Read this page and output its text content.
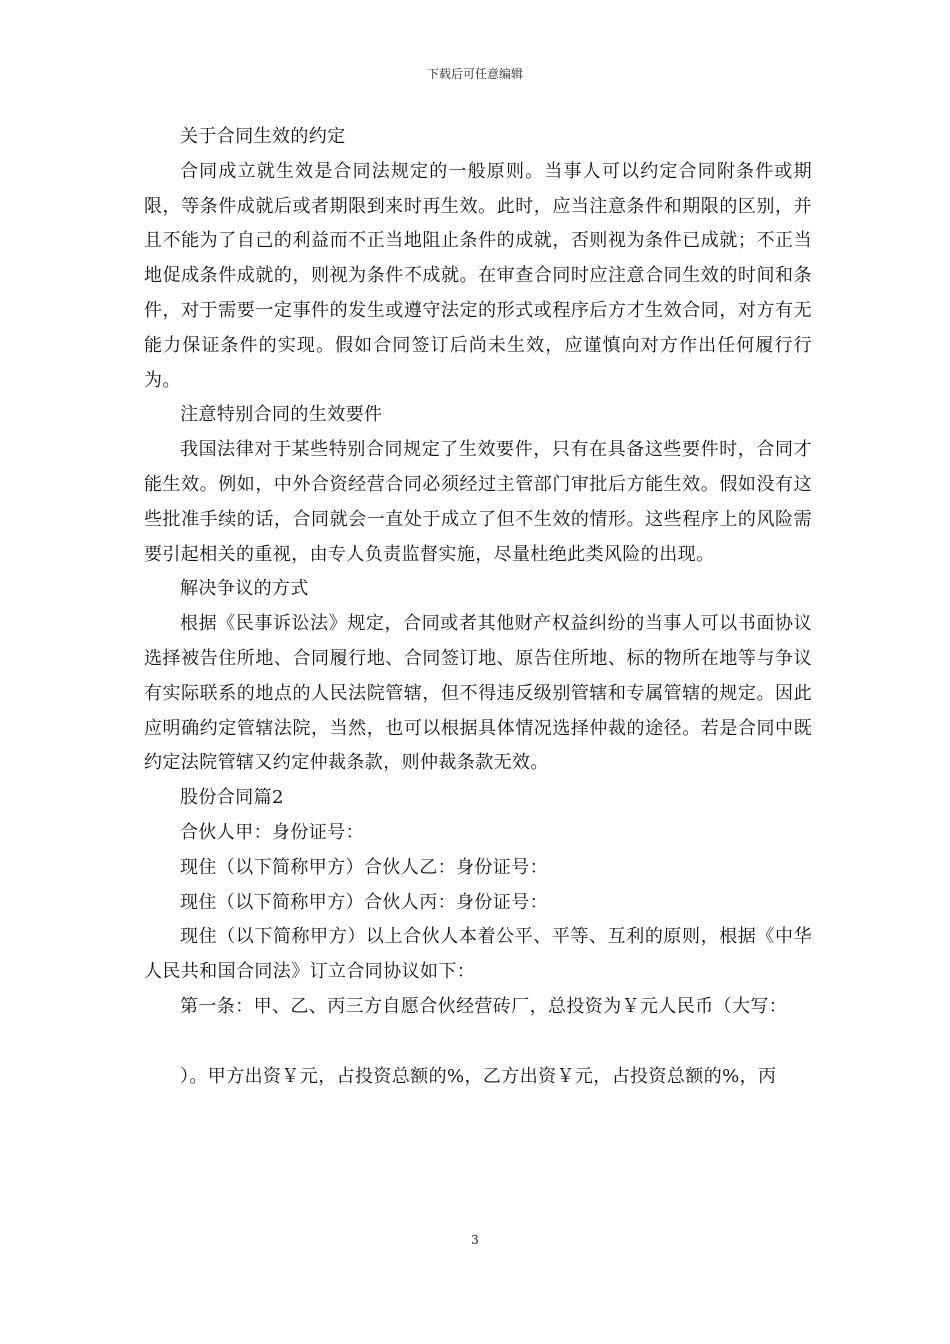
下载后可任意编辑

关于合同生效的约定

合同成立就生效是合同法规定的一般原则。当事人可以约定合同附条件或期限，等条件成就后或者期限到来时再生效。此时，应当注意条件和期限的区别，并且不能为了自己的利益而不正当地阻止条件的成就，否则视为条件已成就；不正当地促成条件成就的，则视为条件不成就。在审查合同时应注意合同生效的时间和条件，对于需要一定事件的发生或遵守法定的形式或程序后方才生效合同，对方有无能力保证条件的实现。假如合同签订后尚未生效，应谨慎向对方作出任何履行行为。

注意特别合同的生效要件

我国法律对于某些特别合同规定了生效要件，只有在具备这些要件时，合同才能生效。例如，中外合资经营合同必须经过主管部门审批后方能生效。假如没有这些批准手续的话，合同就会一直处于成立了但不生效的情形。这些程序上的风险需要引起相关的重视，由专人负责监督实施，尽量杜绝此类风险的出现。

解决争议的方式

根据《民事诉讼法》规定，合同或者其他财产权益纠纷的当事人可以书面协议选择被告住所地、合同履行地、合同签订地、原告住所地、标的物所在地等与争议有实际联系的地点的人民法院管辖，但不得违反级别管辖和专属管辖的规定。因此应明确约定管辖法院，当然，也可以根据具体情况选择仲裁的途径。若是合同中既约定法院管辖又约定仲裁条款，则仲裁条款无效。

股份合同篇2

合伙人甲：身份证号：

现住（以下简称甲方）合伙人乙：身份证号：

现住（以下简称甲方）合伙人丙：身份证号：

现住（以下简称甲方）以上合伙人本着公平、平等、互利的原则，根据《中华人民共和国合同法》订立合同协议如下：

第一条：甲、乙、丙三方自愿合伙经营砖厂，总投资为￥元人民币（大写：

）。甲方出资￥元，占投资总额的%，乙方出资￥元，占投资总额的%，丙

3
